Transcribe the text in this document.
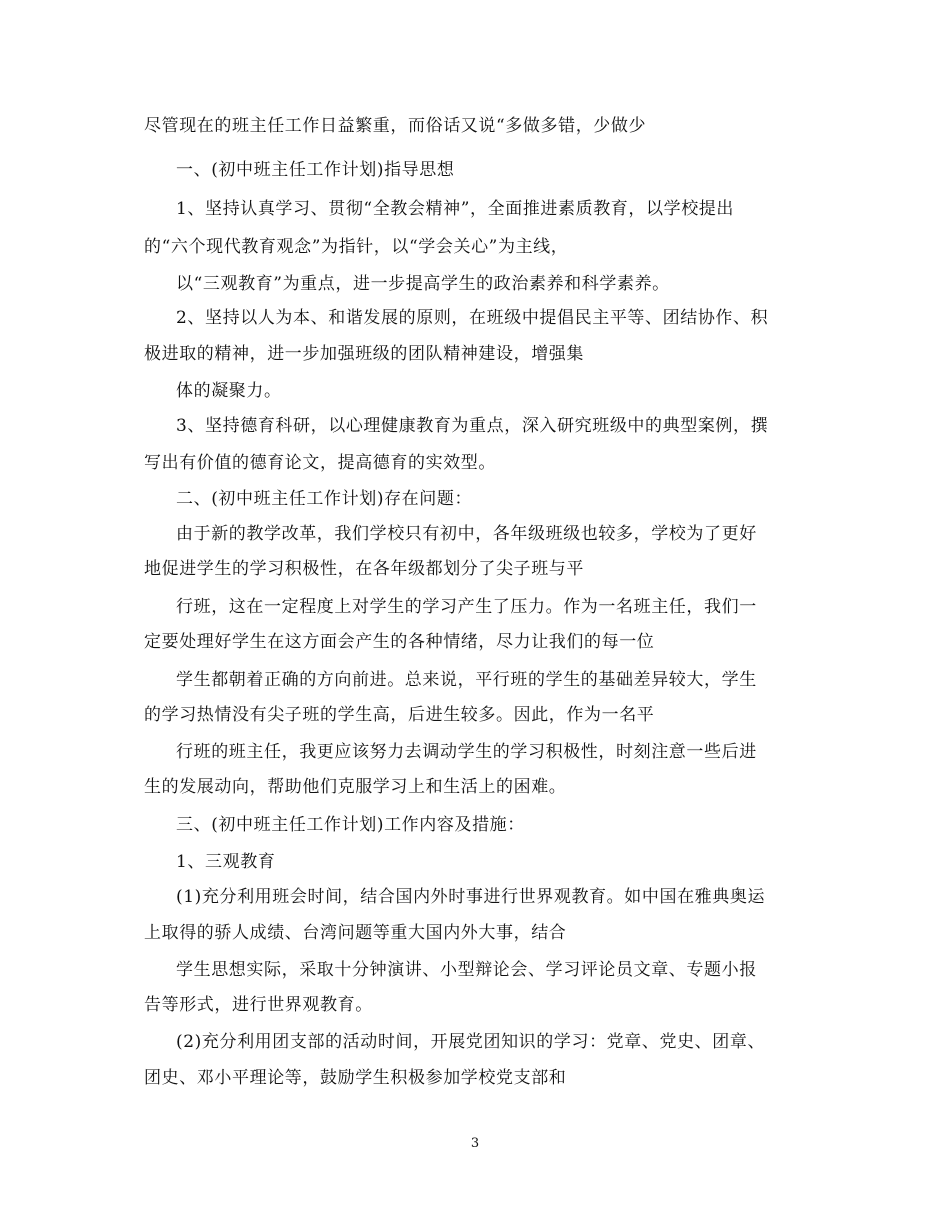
尽管现在的班主任工作日益繁重，而俗话又说“多做多错，少做少
一、(初中班主任工作计划)指导思想
1、坚持认真学习、贯彻“全教会精神”，全面推进素质教育，以学校提出
的“六个现代教育观念”为指针，以“学会关心”为主线，
以“三观教育”为重点，进一步提高学生的政治素养和科学素养。
2、坚持以人为本、和谐发展的原则，在班级中提倡民主平等、团结协作、积
极进取的精神，进一步加强班级的团队精神建设，增强集
体的凝聚力。
3、坚持德育科研，以心理健康教育为重点，深入研究班级中的典型案例，撰
写出有价值的德育论文，提高德育的实效型。
二、(初中班主任工作计划)存在问题：
由于新的教学改革，我们学校只有初中，各年级班级也较多，学校为了更好
地促进学生的学习积极性，在各年级都划分了尖子班与平
行班，这在一定程度上对学生的学习产生了压力。作为一名班主任，我们一
定要处理好学生在这方面会产生的各种情绪，尽力让我们的每一位
学生都朝着正确的方向前进。总来说，平行班的学生的基础差异较大，学生
的学习热情没有尖子班的学生高，后进生较多。因此，作为一名平
行班的班主任，我更应该努力去调动学生的学习积极性，时刻注意一些后进
生的发展动向，帮助他们克服学习上和生活上的困难。
三、(初中班主任工作计划)工作内容及措施：
1、三观教育
(1)充分利用班会时间，结合国内外时事进行世界观教育。如中国在雅典奥运
上取得的骄人成绩、台湾问题等重大国内外大事，结合
学生思想实际，采取十分钟演讲、小型辩论会、学习评论员文章、专题小报
告等形式，进行世界观教育。
(2)充分利用团支部的活动时间，开展党团知识的学习：党章、党史、团章、
团史、邓小平理论等，鼓励学生积极参加学校党支部和
3
